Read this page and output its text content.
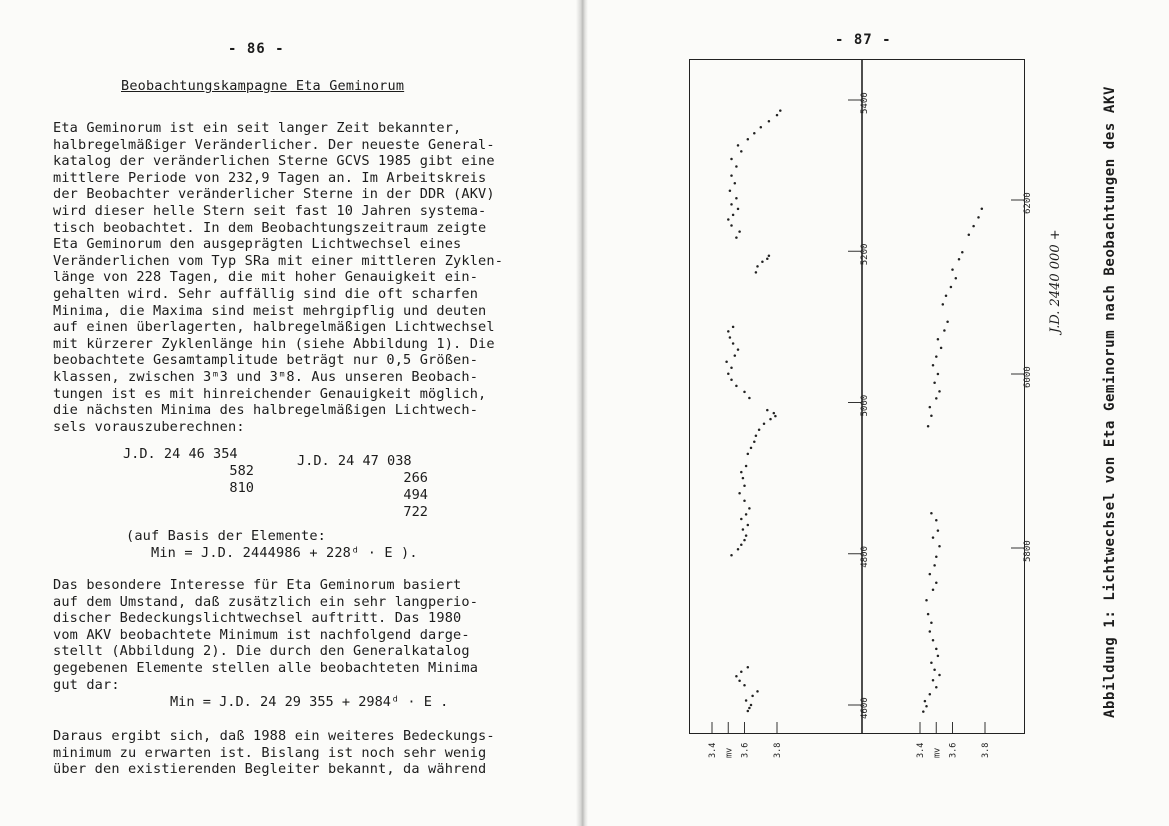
- 86 -
Beobachtungskampagne Eta Geminorum
Eta Geminorum ist ein seit langer Zeit bekannter,
halbregelmäßiger Veränderlicher. Der neueste General-
katalog der veränderlichen Sterne GCVS 1985 gibt eine
mittlere Periode von 232,9 Tagen an. Im Arbeitskreis
der Beobachter veränderlicher Sterne in der DDR (AKV)
wird dieser helle Stern seit fast 10 Jahren systema-
tisch beobachtet. In dem Beobachtungszeitraum zeigte
Eta Geminorum den ausgeprägten Lichtwechsel eines
Veränderlichen vom Typ SRa mit einer mittleren Zyklen-
länge von 228 Tagen, die mit hoher Genauigkeit ein-
gehalten wird. Sehr auffällig sind die oft scharfen
Minima, die Maxima sind meist mehrgipflig und deuten
auf einen überlagerten, halbregelmäßigen Lichtwechsel
mit kürzerer Zyklenlänge hin (siehe Abbildung 1). Die
beobachtete Gesamtamplitude beträgt nur 0,5 Größen-
klassen, zwischen 3ᵐ3 und 3ᵐ8. Aus unseren Beobach-
tungen ist es mit hinreichender Genauigkeit möglich,
die nächsten Minima des halbregelmäßigen Lichtwech-
sels vorauszuberechnen:
J.D. 24 46 354
582
810
J.D. 24 47 038
266
494
722
(auf Basis der Elemente:
Min = J.D. 2444986 + 228ᵈ · E ).
Das besondere Interesse für Eta Geminorum basiert
auf dem Umstand, daß zusätzlich ein sehr langperio-
discher Bedeckungslichtwechsel auftritt. Das 1980
vom AKV beobachtete Minimum ist nachfolgend darge-
stellt (Abbildung 2). Die durch den Generalkatalog
gegebenen Elemente stellen alle beobachteten Minima
gut dar:
Min = J.D. 24 29 355 + 2984ᵈ · E .
Daraus ergibt sich, daß 1988 ein weiteres Bedeckungs-
minimum zu erwarten ist. Bislang ist noch sehr wenig
über den existierenden Begleiter bekannt, da während
- 87 -
4600
4800
5000
5200
5400
3.4 mv 3.6	3.8
5800
6000
6200
3.4 mv 3.6	3.8
J.D. 2440 000 +	Abbildung 1: Lichtwechsel von Eta Geminorum nach Beobachtungen des AKV
